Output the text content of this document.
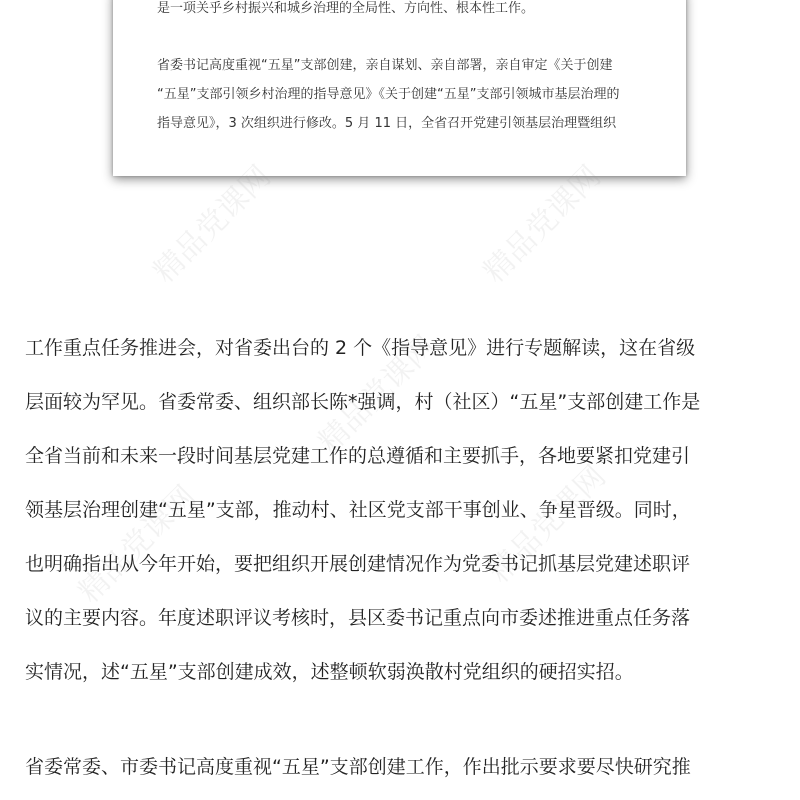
是一项关乎乡村振兴和城乡治理的全局性、方向性、根本性工作。

省委书记高度重视“五星”支部创建，亲自谋划、亲自部署，亲自审定《关于创建
“五星”支部引领乡村治理的指导意见》《关于创建“五星”支部引领城市基层治理的
指导意见》，3 次组织进行修改。5 月 11 日，全省召开党建引领基层治理暨组织

精品党课网	精品党课网
精品党课网
精品党课网	精品党课网

工作重点任务推进会，对省委出台的 2 个《指导意见》进行专题解读，这在省级

层面较为罕见。省委常委、组织部长陈*强调，村（社区）“五星”支部创建工作是

全省当前和未来一段时间基层党建工作的总遵循和主要抓手，各地要紧扣党建引

领基层治理创建“五星”支部，推动村、社区党支部干事创业、争星晋级。同时，

也明确指出从今年开始，要把组织开展创建情况作为党委书记抓基层党建述职评

议的主要内容。年度述职评议考核时，县区委书记重点向市委述推进重点任务落

实情况，述“五星”支部创建成效，述整顿软弱涣散村党组织的硬招实招。

省委常委、市委书记高度重视“五星”支部创建工作，作出批示要求要尽快研究推
